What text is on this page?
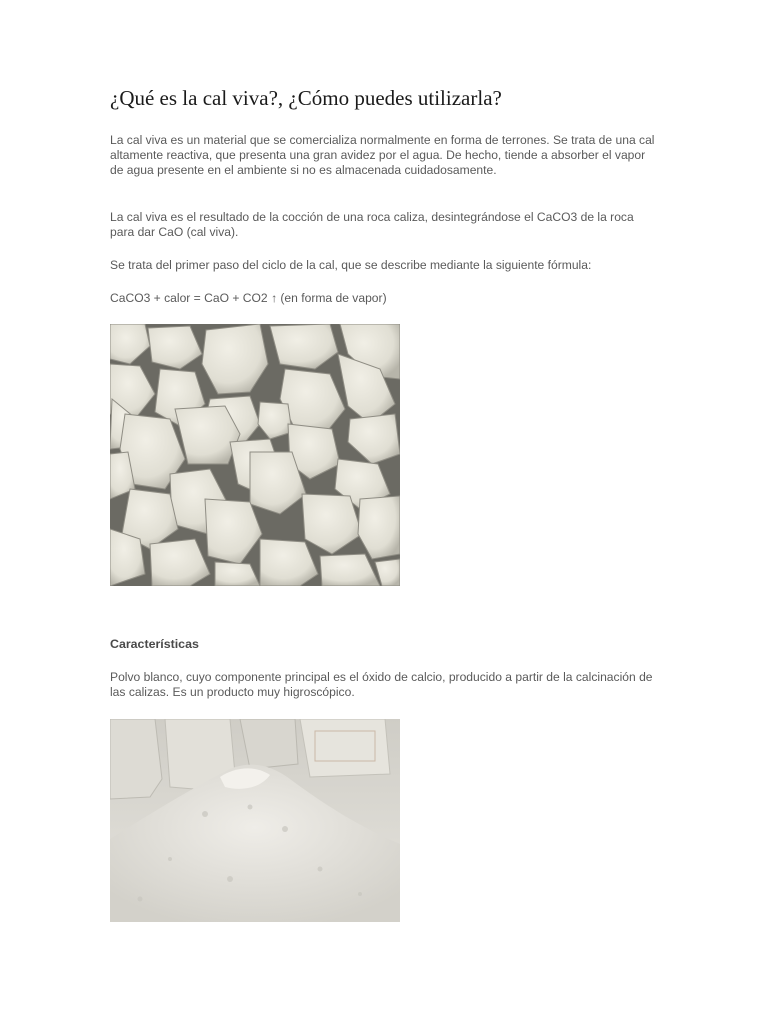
¿Qué es la cal viva?, ¿Cómo puedes utilizarla?

La cal viva es un material que se comercializa normalmente en forma de terrones. Se trata de una cal altamente reactiva, que presenta una gran avidez por el agua. De hecho, tiende a absorber el vapor de agua presente en el ambiente si no es almacenada cuidadosamente.

La cal viva es el resultado de la cocción de una roca caliza, desintegrándose el CaCO3 de la roca para dar CaO (cal viva).

Se trata del primer paso del ciclo de la cal, que se describe mediante la siguiente fórmula:

CaCO3 + calor = CaO + CO2 ↑ (en forma de vapor)

Características

Polvo blanco, cuyo componente principal es el óxido de calcio, producido a partir de la calcinación de las calizas. Es un producto muy higroscópico.
